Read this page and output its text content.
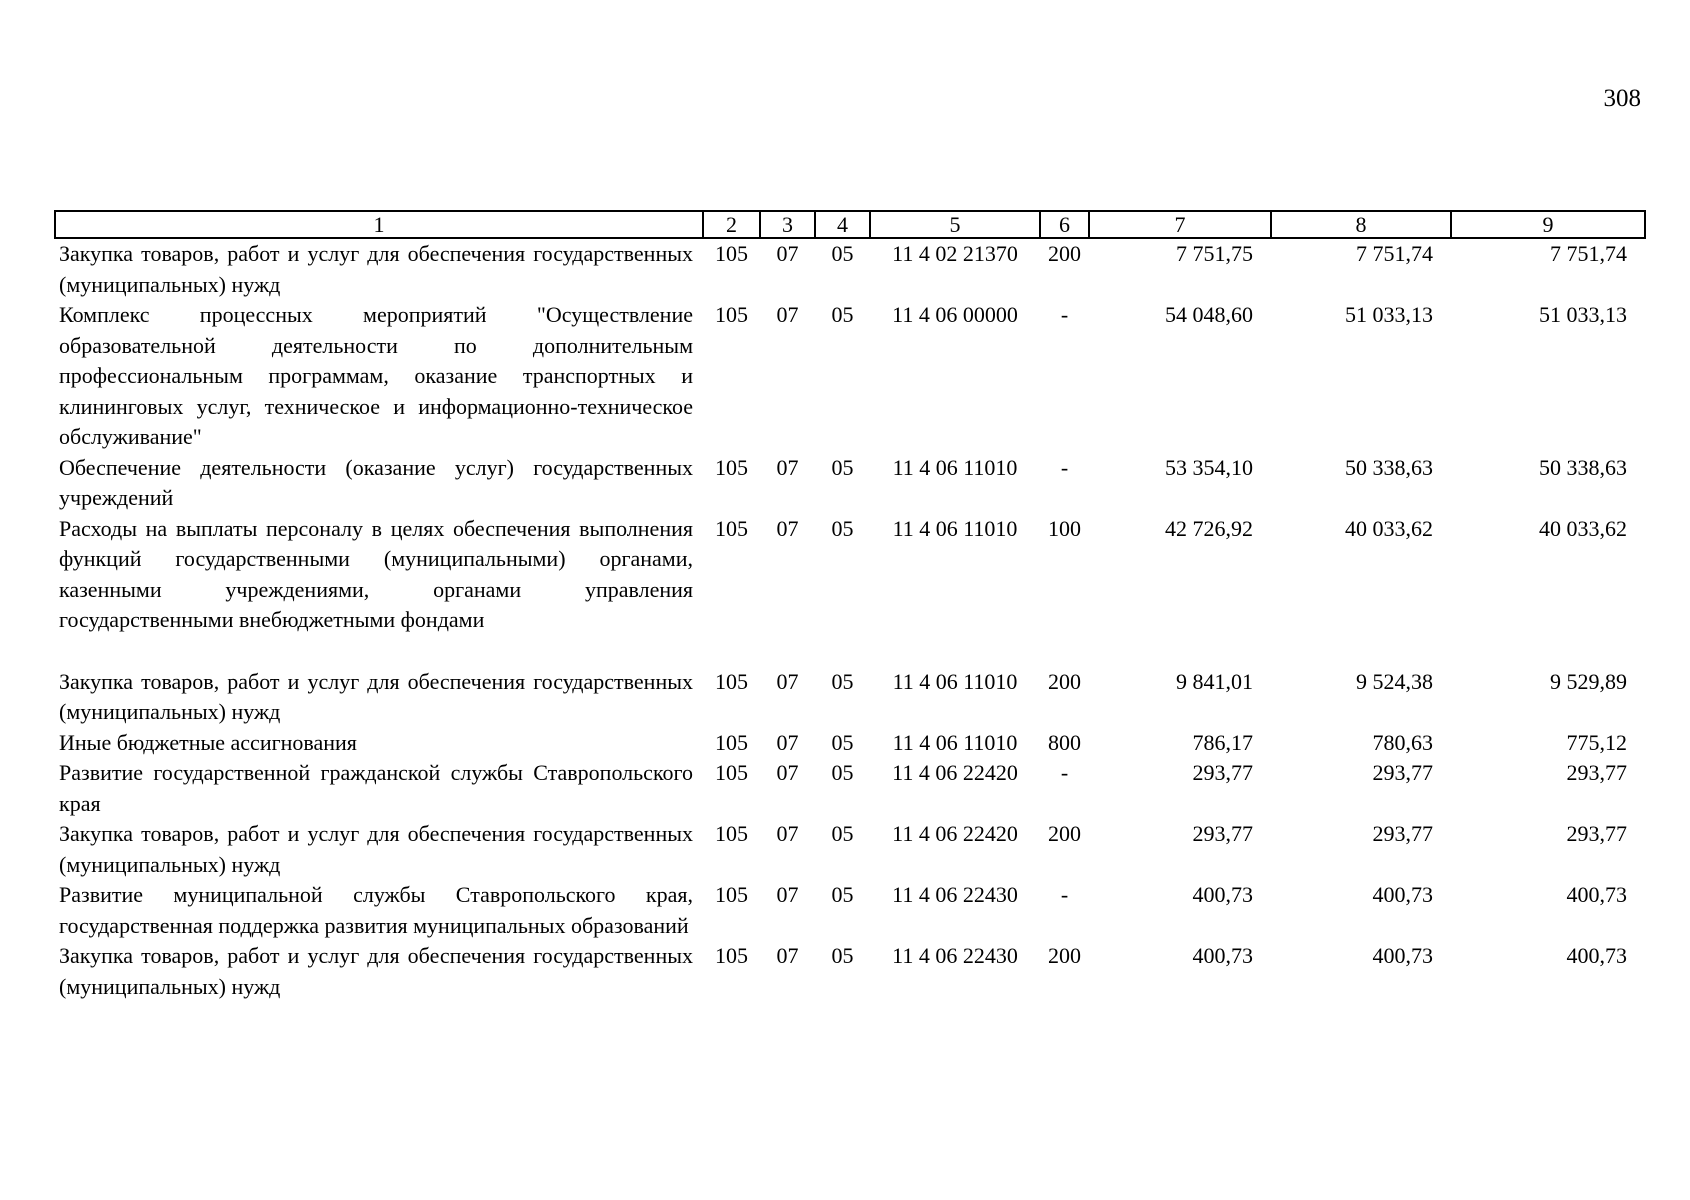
308
1	2	3	4	5	6	7	8	9
Закупка товаров, работ и услуг для обеспечения государственных (муниципальных) нужд	105	07	05	11 4 02 21370	200	7 751,75	7 751,74	7 751,74
Комплекс процессных мероприятий "Осуществление образовательной деятельности по дополнительным профессиональным программам, оказание транспортных и клининговых услуг, техническое и информационно-техническое обслуживание"	105	07	05	11 4 06 00000	-	54 048,60	51 033,13	51 033,13
Обеспечение деятельности (оказание услуг) государственных учреждений	105	07	05	11 4 06 11010	-	53 354,10	50 338,63	50 338,63
Расходы на выплаты персоналу в целях обеспечения выполнения функций государственными (муниципальными) органами, казенными учреждениями, органами управления государственными внебюджетными фондами	105	07	05	11 4 06 11010	100	42 726,92	40 033,62	40 033,62
Закупка товаров, работ и услуг для обеспечения государственных (муниципальных) нужд	105	07	05	11 4 06 11010	200	9 841,01	9 524,38	9 529,89
Иные бюджетные ассигнования	105	07	05	11 4 06 11010	800	786,17	780,63	775,12
Развитие государственной гражданской службы Ставропольского края	105	07	05	11 4 06 22420	-	293,77	293,77	293,77
Закупка товаров, работ и услуг для обеспечения государственных (муниципальных) нужд	105	07	05	11 4 06 22420	200	293,77	293,77	293,77
Развитие муниципальной службы Ставропольского края, государственная поддержка развития муниципальных образований	105	07	05	11 4 06 22430	-	400,73	400,73	400,73
Закупка товаров, работ и услуг для обеспечения государственных (муниципальных) нужд	105	07	05	11 4 06 22430	200	400,73	400,73	400,73
